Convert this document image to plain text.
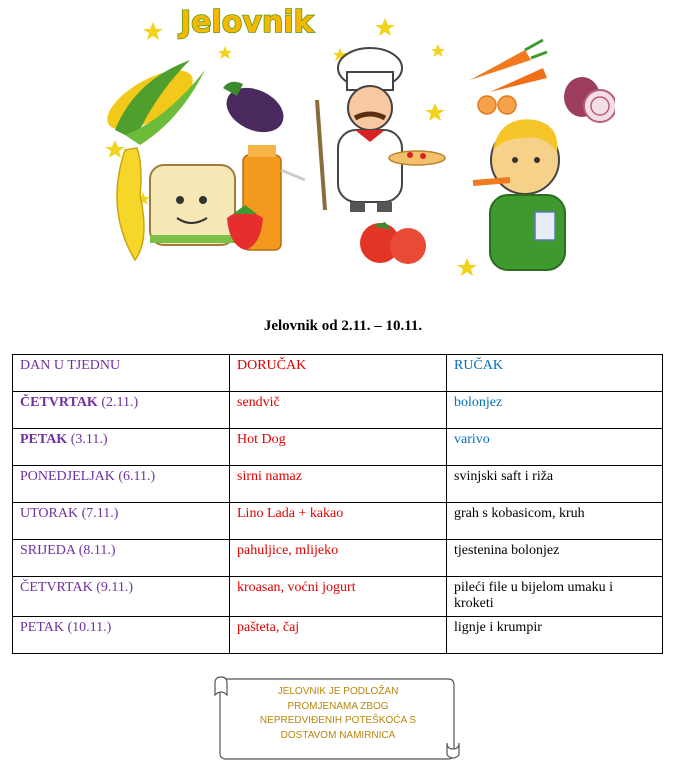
Jelovnik
Jelovnik od 2.11. – 10.11.
DAN U TJEDNU	DORUČAK	RUČAK
ČETVRTAK (2.11.)	sendvič	bolonjez
PETAK (3.11.)	Hot Dog	varivo
PONEDJELJAK (6.11.)	sirni namaz	svinjski saft i riža
UTORAK (7.11.)	Lino Lada + kakao	grah s kobasicom, kruh
SRIJEDA (8.11.)	pahuljice, mlijeko	tjestenina bolonjez
ČETVRTAK (9.11.)	kroasan, voćni jogurt	pileći file u bijelom umaku i kroketi
PETAK (10.11.)	pašteta, čaj	lignje i krumpir
JELOVNIK JE PODLOŽAN
PROMJENAMA ZBOG
NEPREDVIĐENIH POTEŠKOĆA S
DOSTAVOM NAMIRNICA
